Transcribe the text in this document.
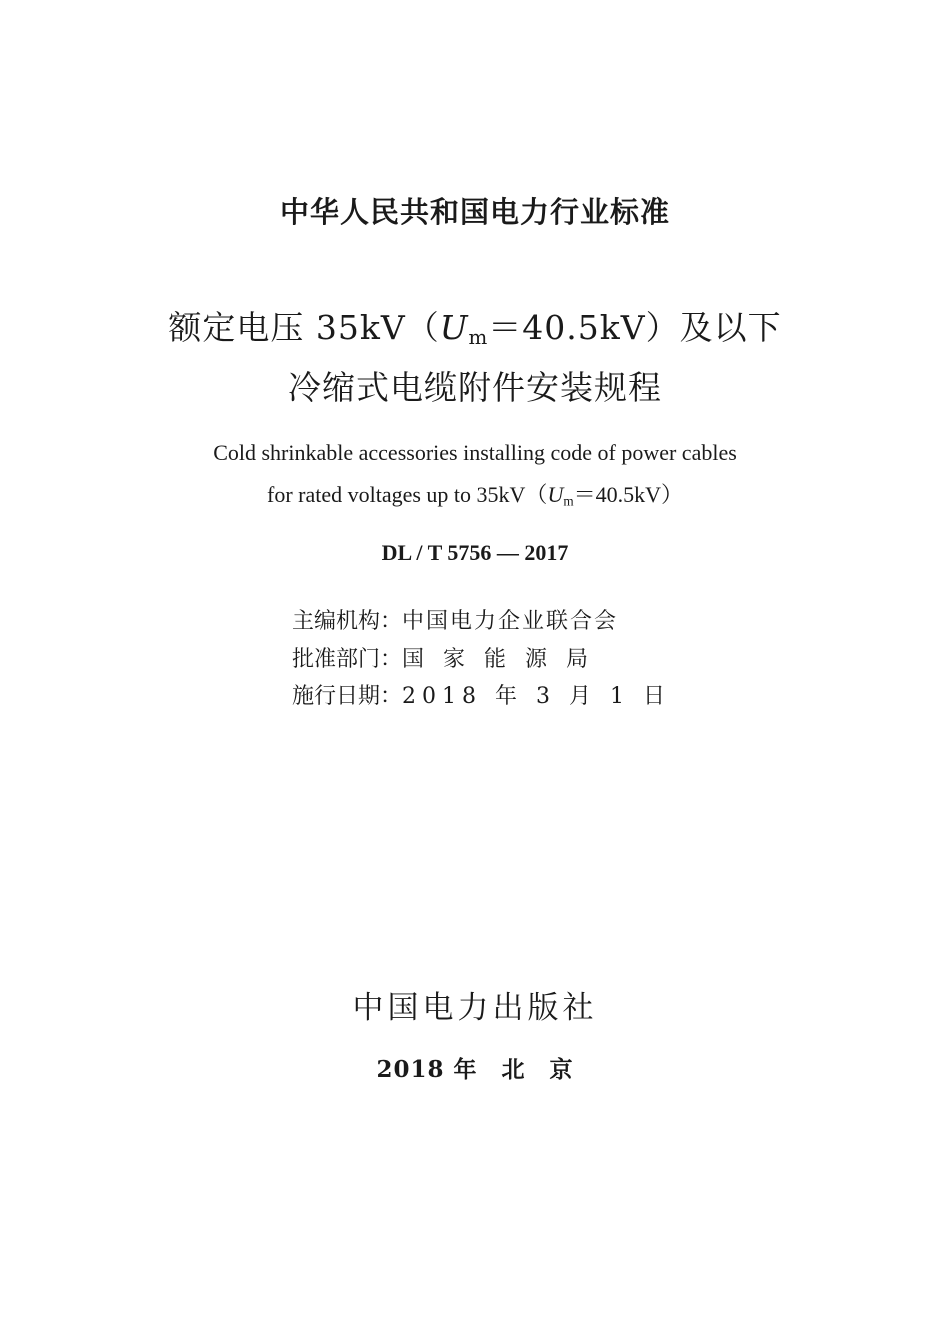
中华人民共和国电力行业标准
额定电压 $35kV(U_m=40.5kV)$及以下
冷缩式电缆附件安装规程
Cold shrinkable accessories installing code of power cables
for rated voltages up to $35kV(U_m=40.5kV)$
DL / T 5756 — 2017
主编机构：中国电力企业联合会
批准部门：国家能源局
施行日期：2018 年 3 月 1 日
中国电力出版社
2018 年　北　京
